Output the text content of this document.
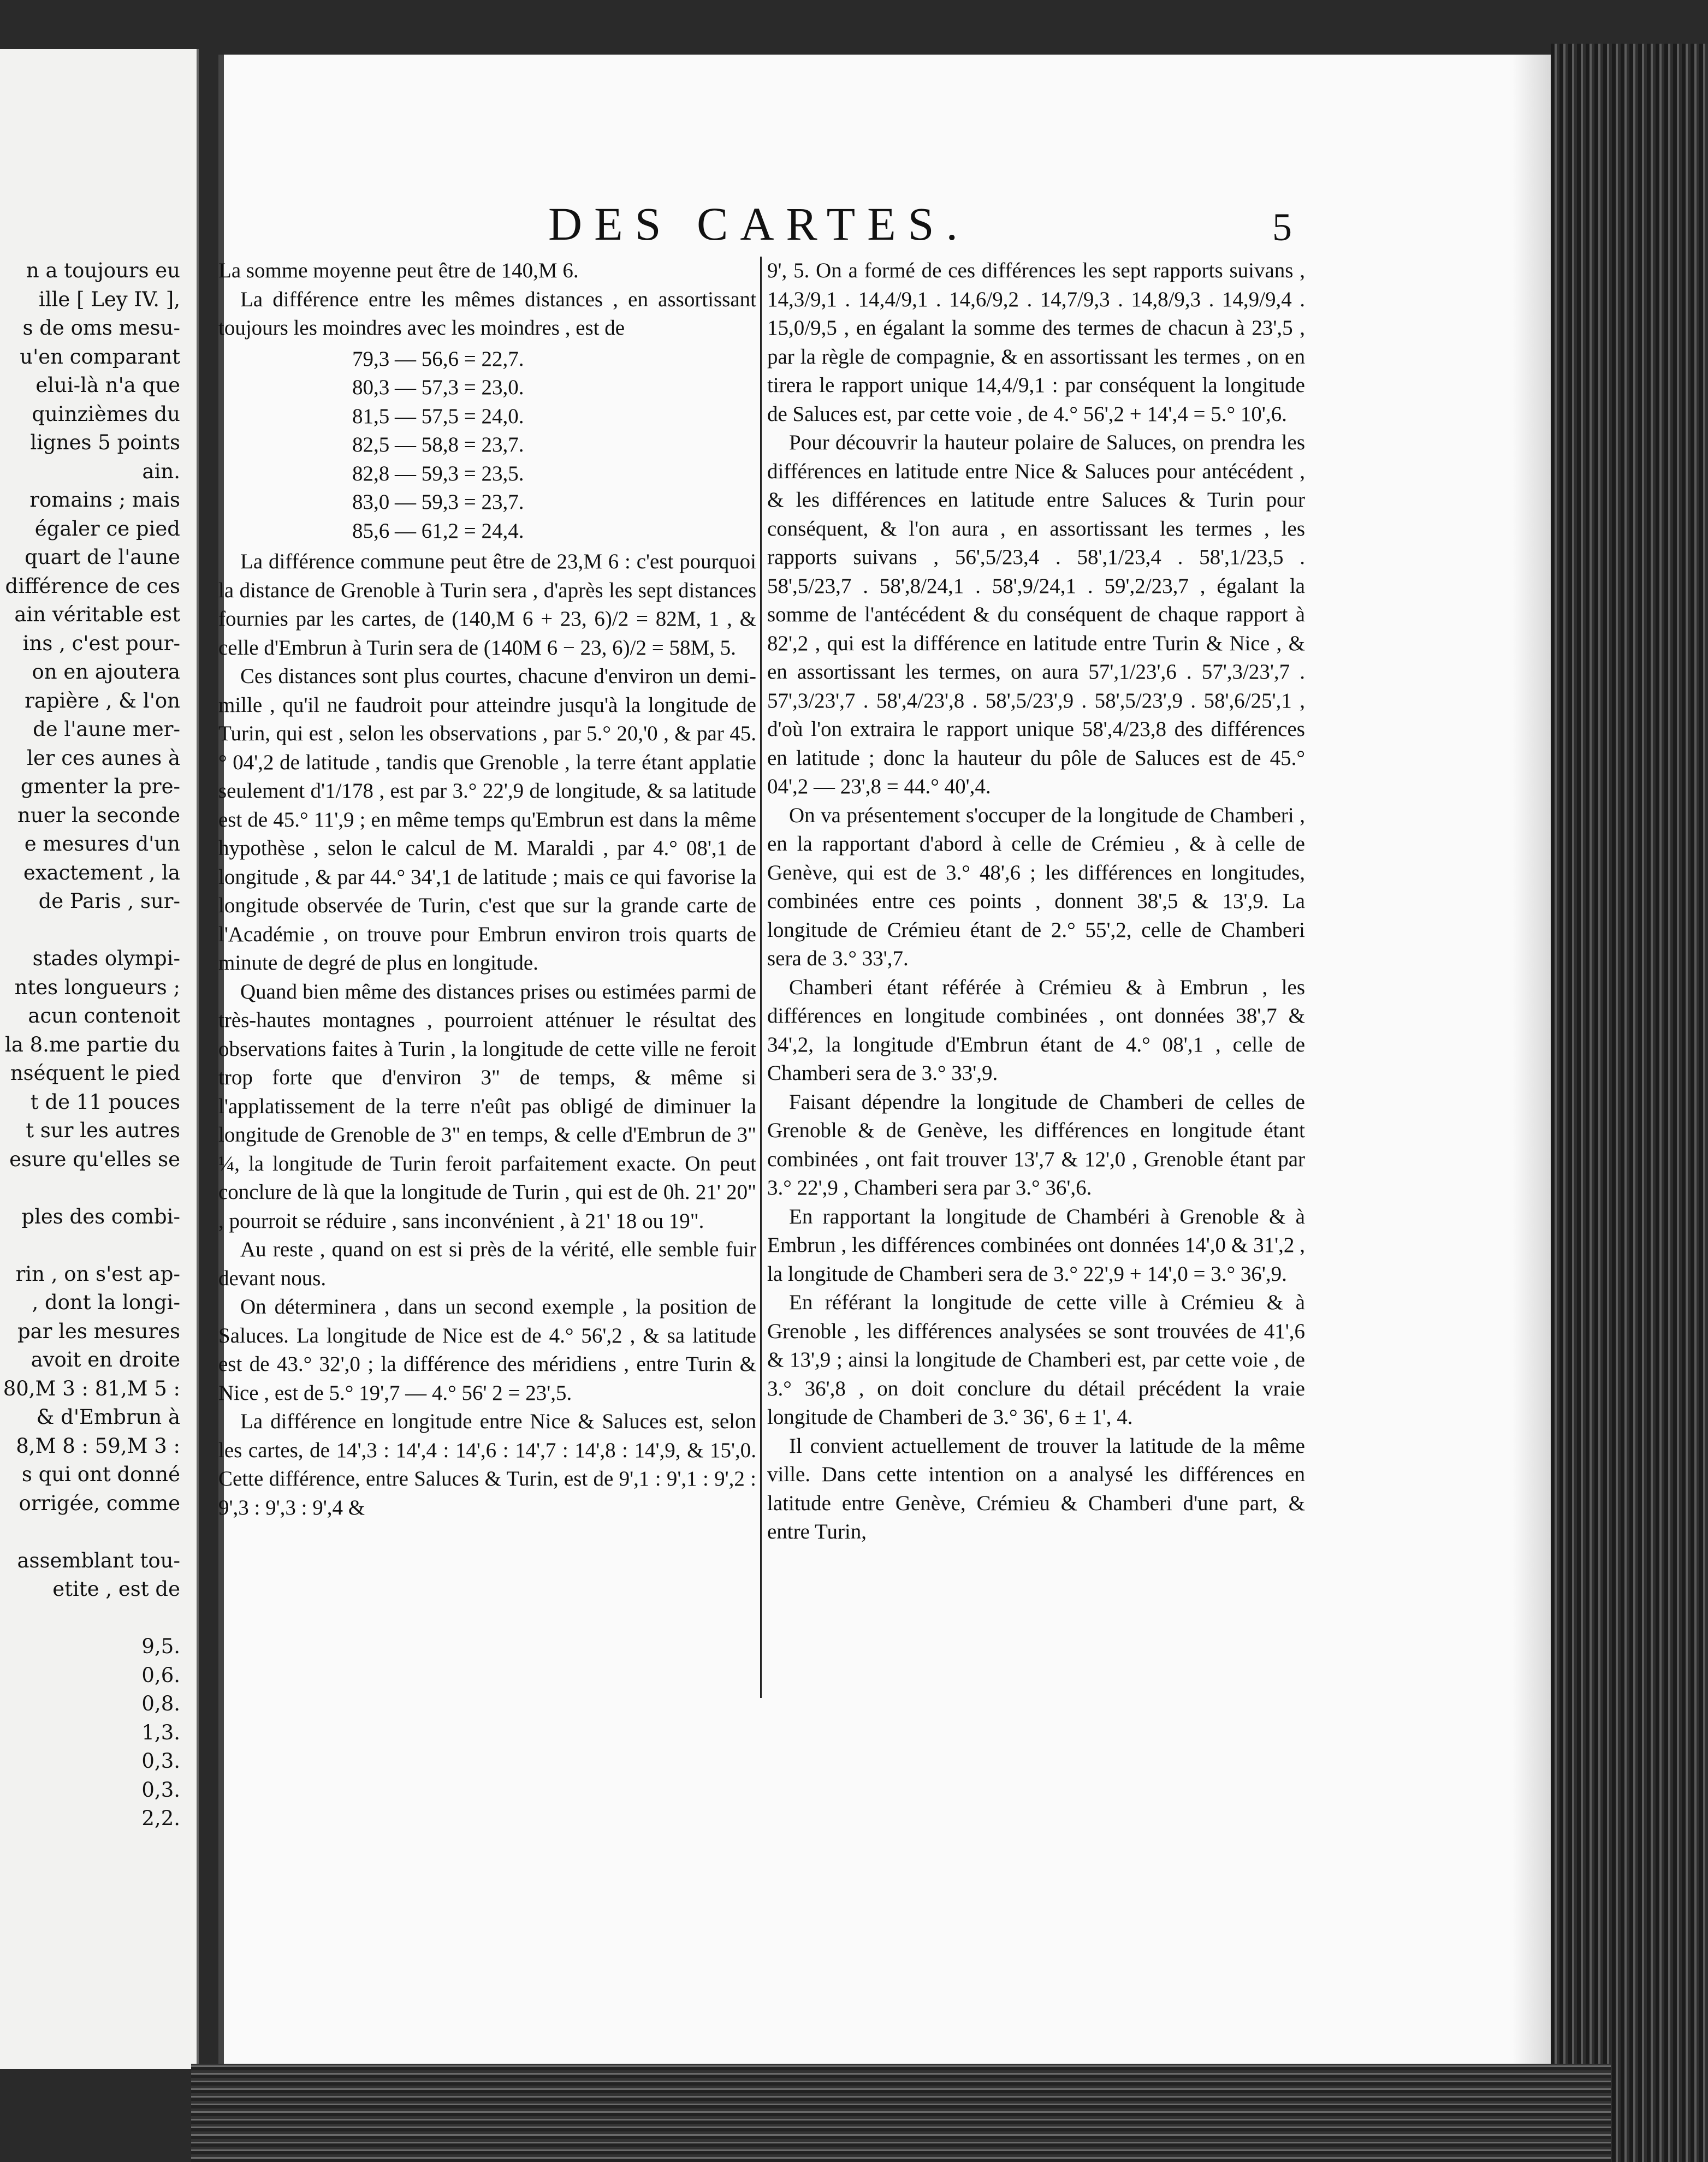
n a toujours eu
ille [ Ley IV. ],
s de oms mesu-
u'en comparant
elui-là n'a que
quinzièmes du
lignes 5 points
ain.
romains ; mais
égaler ce pied
quart de l'aune
différence de ces
ain véritable est
ins , c'est pour-
on en ajoutera
rapière , & l'on
de l'aune mer-
ler ces aunes à
gmenter la pre-
nuer la seconde
e mesures d'un
exactement , la
de Paris , sur-
stades olympi-
ntes longueurs ;
acun contenoit
la 8.me partie du
nséquent le pied
t de 11 pouces
t sur les autres
esure qu'elles se
ples des combi-
rin , on s'est ap-
, dont la longi-
par les mesures
avoit en droite
80,M 3 : 81,M 5 :
& d'Embrun à
8,M 8 : 59,M 3 :
s qui ont donné
orrigée, comme
assemblant tou-
etite , est de
9,5.
0,6.
0,8.
1,3.
0,3.
0,3.
2,2.
DES CARTES.	5

La somme moyenne peut être de 140,M 6.

La différence entre les mêmes distances , en assortissant toujours les moindres avec les moindres , est de

79,3 — 56,6 = 22,7.
80,3 — 57,3 = 23,0.
81,5 — 57,5 = 24,0.
82,5 — 58,8 = 23,7.
82,8 — 59,3 = 23,5.
83,0 — 59,3 = 23,7.
85,6 — 61,2 = 24,4.

La différence commune peut être de 23,M 6 : c'est pourquoi la distance de Grenoble à Turin sera , d'après les sept distances fournies par les cartes, de (140,M 6 + 23, 6)/2 = 82M, 1 , & celle d'Embrun à Turin sera de (140M 6 − 23, 6)/2 = 58M, 5.

Ces distances sont plus courtes, chacune d'environ un demi-mille , qu'il ne faudroit pour atteindre jusqu'à la longitude de Turin, qui est , selon les observations , par 5.° 20,'0 , & par 45.° 04',2 de latitude , tandis que Grenoble , la terre étant applatie seulement d'1/178 , est par 3.° 22',9 de longitude, & sa latitude est de 45.° 11',9 ; en même temps qu'Embrun est dans la même hypothèse , selon le calcul de M. Maraldi , par 4.° 08',1 de longitude , & par 44.° 34',1 de latitude ; mais ce qui favorise la longitude observée de Turin, c'est que sur la grande carte de l'Académie , on trouve pour Embrun environ trois quarts de minute de degré de plus en longitude.

Quand bien même des distances prises ou estimées parmi de très-hautes montagnes , pourroient atténuer le résultat des observations faites à Turin , la longitude de cette ville ne feroit trop forte que d'environ 3" de temps, & même si l'applatissement de la terre n'eût pas obligé de diminuer la longitude de Grenoble de 3" en temps, & celle d'Embrun de 3" ¼, la longitude de Turin feroit parfaitement exacte. On peut conclure de là que la longitude de Turin , qui est de 0h. 21' 20" , pourroit se réduire , sans inconvénient , à 21' 18 ou 19".

Au reste , quand on est si près de la vérité, elle semble fuir devant nous.

On déterminera , dans un second exemple , la position de Saluces. La longitude de Nice est de 4.° 56',2 , & sa latitude est de 43.° 32',0 ; la différence des méridiens , entre Turin & Nice , est de 5.° 19',7 — 4.° 56' 2 = 23',5.

La différence en longitude entre Nice & Saluces est, selon les cartes, de 14',3 : 14',4 : 14',6 : 14',7 : 14',8 : 14',9, & 15',0. Cette différence, entre Saluces & Turin, est de 9',1 : 9',1 : 9',2 : 9',3 : 9',3 : 9',4 &

9', 5. On a formé de ces différences les sept rapports suivans , 14,3/9,1 . 14,4/9,1 . 14,6/9,2 . 14,7/9,3 . 14,8/9,3 . 14,9/9,4 . 15,0/9,5 , en égalant la somme des termes de chacun à 23',5 , par la règle de compagnie, & en assortissant les termes , on en tirera le rapport unique 14,4/9,1 : par conséquent la longitude de Saluces est, par cette voie , de 4.° 56',2 + 14',4 = 5.° 10',6.

Pour découvrir la hauteur polaire de Saluces, on prendra les différences en latitude entre Nice & Saluces pour antécédent , & les différences en latitude entre Saluces & Turin pour conséquent, & l'on aura , en assortissant les termes , les rapports suivans , 56',5/23,4 . 58',1/23,4 . 58',1/23,5 . 58',5/23,7 . 58',8/24,1 . 58',9/24,1 . 59',2/23,7 , égalant la somme de l'antécédent & du conséquent de chaque rapport à 82',2 , qui est la différence en latitude entre Turin & Nice , & en assortissant les termes, on aura 57',1/23',6 . 57',3/23',7 . 57',3/23',7 . 58',4/23',8 . 58',5/23',9 . 58',5/23',9 . 58',6/25',1 , d'où l'on extraira le rapport unique 58',4/23,8 des différences en latitude ; donc la hauteur du pôle de Saluces est de 45.° 04',2 — 23',8 = 44.° 40',4.

On va présentement s'occuper de la longitude de Chamberi , en la rapportant d'abord à celle de Crémieu , & à celle de Genève, qui est de 3.° 48',6 ; les différences en longitudes, combinées entre ces points , donnent 38',5 & 13',9. La longitude de Crémieu étant de 2.° 55',2, celle de Chamberi sera de 3.° 33',7.

Chamberi étant référée à Crémieu & à Embrun , les différences en longitude combinées , ont données 38',7 & 34',2, la longitude d'Embrun étant de 4.° 08',1 , celle de Chamberi sera de 3.° 33',9.

Faisant dépendre la longitude de Chamberi de celles de Grenoble & de Genève, les différences en longitude étant combinées , ont fait trouver 13',7 & 12',0 , Grenoble étant par 3.° 22',9 , Chamberi sera par 3.° 36',6.

En rapportant la longitude de Chambéri à Grenoble & à Embrun , les différences combinées ont données 14',0 & 31',2 , la longitude de Chamberi sera de 3.° 22',9 + 14',0 = 3.° 36',9.

En référant la longitude de cette ville à Crémieu & à Grenoble , les différences analysées se sont trouvées de 41',6 & 13',9 ; ainsi la longitude de Chamberi est, par cette voie , de 3.° 36',8 , on doit conclure du détail précédent la vraie longitude de Chamberi de 3.° 36', 6 ± 1', 4.

Il convient actuellement de trouver la latitude de la même ville. Dans cette intention on a analysé les différences en latitude entre Genève, Crémieu & Chamberi d'une part, & entre Turin,
